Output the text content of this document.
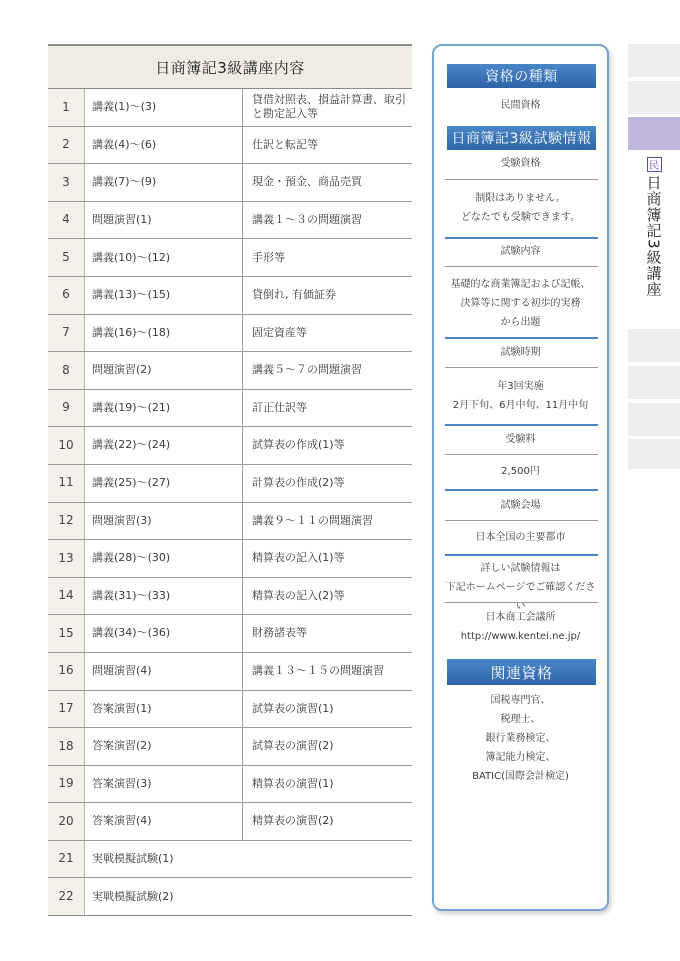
日商簿記3級講座内容
1	講義(1)～(3)	貸借対照表、損益計算書、取引と勘定記入等
2	講義(4)～(6)	仕訳と転記等
3	講義(7)～(9)	現金・預金、商品売買
4	問題演習(1)	講義１～３の問題演習
5	講義(10)～(12)	手形等
6	講義(13)～(15)	貸倒れ, 有価証券
7	講義(16)～(18)	固定資産等
8	問題演習(2)	講義５～７の問題演習
9	講義(19)～(21)	訂正仕訳等
10	講義(22)～(24)	試算表の作成(1)等
11	講義(25)～(27)	計算表の作成(2)等
12	問題演習(3)	講義９～１１の問題演習
13	講義(28)～(30)	精算表の記入(1)等
14	講義(31)～(33)	精算表の記入(2)等
15	講義(34)～(36)	財務諸表等
16	問題演習(4)	講義１３～１５の問題演習
17	答案演習(1)	試算表の演習(1)
18	答案演習(2)	試算表の演習(2)
19	答案演習(3)	精算表の演習(1)
20	答案演習(4)	精算表の演習(2)
21	実戦模擬試験(1)	
22	実戦模擬試験(2)	
資格の種類
民間資格
日商簿記3級試験情報
受験資格
制限はありません。
どなたでも受験できます。
試験内容
基礎的な商業簿記および記帳、
決算等に関する初歩的実務
から出題
試験時期
年3回実施
2月下旬、6月中旬、11月中旬
受験料
2,500円
試験会場
日本全国の主要都市
詳しい試験情報は
下記ホームページでご確認ください
日本商工会議所
http://www.kentei.ne.jp/
関連資格
国税専門官、
税理士、
銀行業務検定、
簿記能力検定、
BATIC(国際会計検定)
民
日商簿記3級講座
